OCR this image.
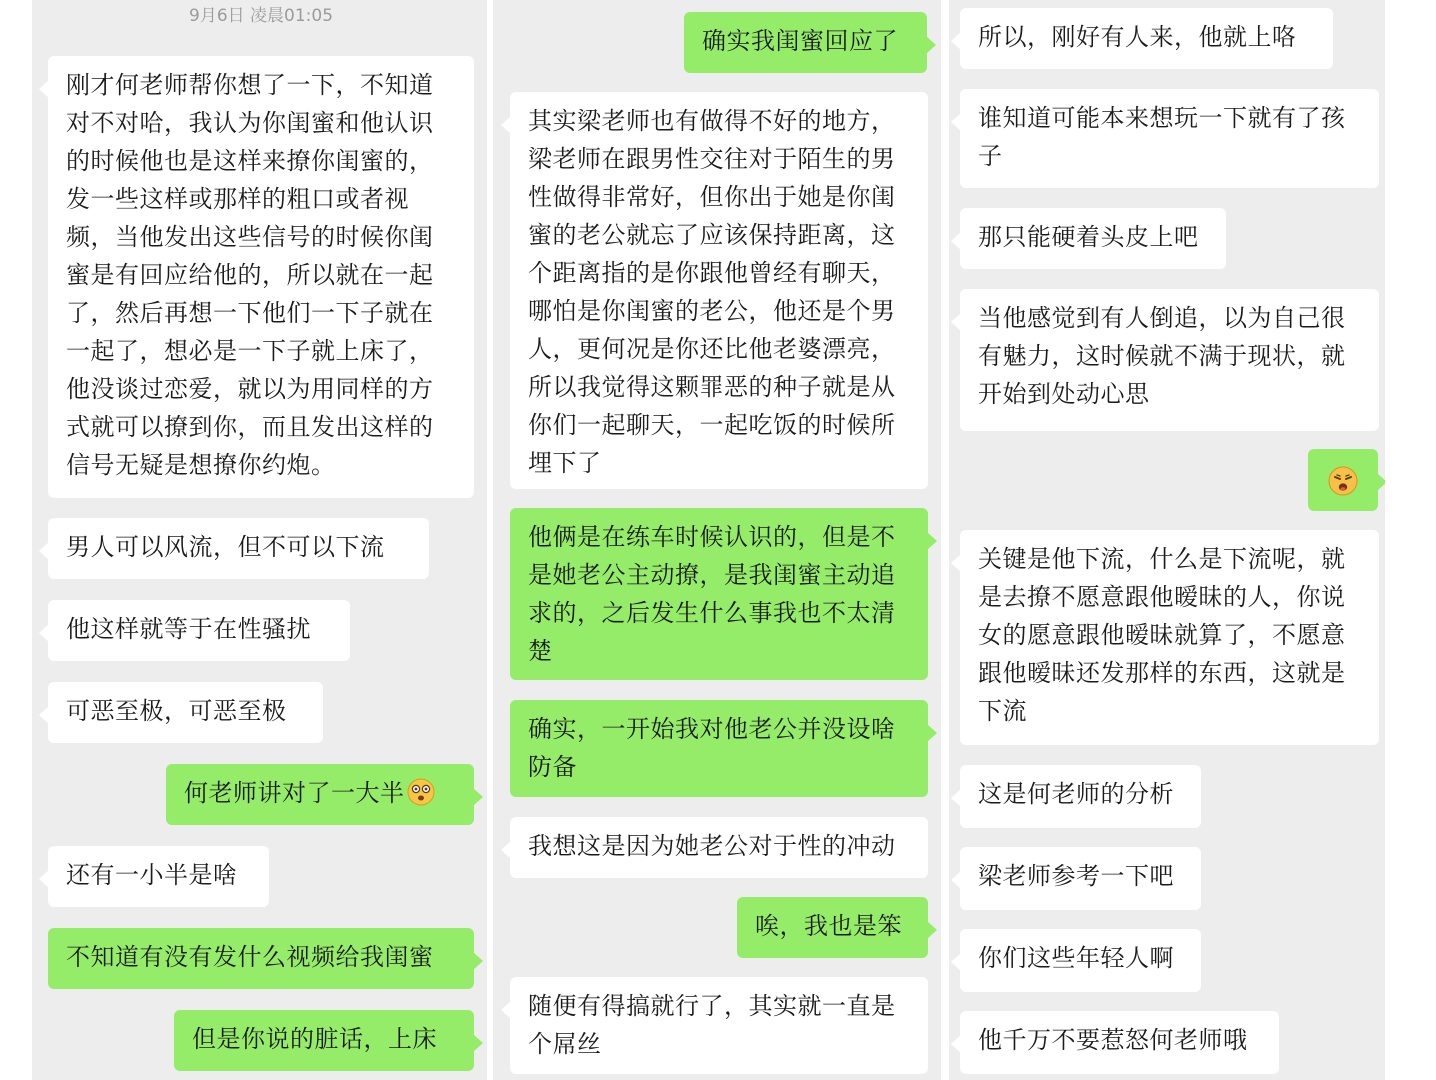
9月6日 凌晨01:05
刚才何老师帮你想了一下，不知道对不对哈，我认为你闺蜜和他认识的时候他也是这样来撩你闺蜜的，发一些这样或那样的粗口或者视频，当他发出这些信号的时候你闺蜜是有回应给他的，所以就在一起了，然后再想一下他们一下子就在一起了，想必是一下子就上床了，他没谈过恋爱，就以为用同样的方式就可以撩到你，而且发出这样的信号无疑是想撩你约炮。
男人可以风流，但不可以下流
他这样就等于在性骚扰
可恶至极，可恶至极
何老师讲对了一大半
还有一小半是啥
不知道有没有发什么视频给我闺蜜
但是你说的脏话，上床
确实我闺蜜回应了
其实梁老师也有做得不好的地方，梁老师在跟男性交往对于陌生的男性做得非常好，但你出于她是你闺蜜的老公就忘了应该保持距离，这个距离指的是你跟他曾经有聊天，哪怕是你闺蜜的老公，他还是个男人，更何况是你还比他老婆漂亮，所以我觉得这颗罪恶的种子就是从你们一起聊天，一起吃饭的时候所埋下了
他俩是在练车时候认识的，但是不是她老公主动撩，是我闺蜜主动追求的，之后发生什么事我也不太清楚
确实，一开始我对他老公并没设啥防备
我想这是因为她老公对于性的冲动
唉，我也是笨
随便有得搞就行了，其实就一直是个屌丝
所以，刚好有人来，他就上咯
谁知道可能本来想玩一下就有了孩子
那只能硬着头皮上吧
当他感觉到有人倒追，以为自己很有魅力，这时候就不满于现状，就开始到处动心思
关键是他下流，什么是下流呢，就是去撩不愿意跟他暧昧的人，你说女的愿意跟他暧昧就算了，不愿意跟他暧昧还发那样的东西，这就是下流
这是何老师的分析
梁老师参考一下吧
你们这些年轻人啊
他千万不要惹怒何老师哦
